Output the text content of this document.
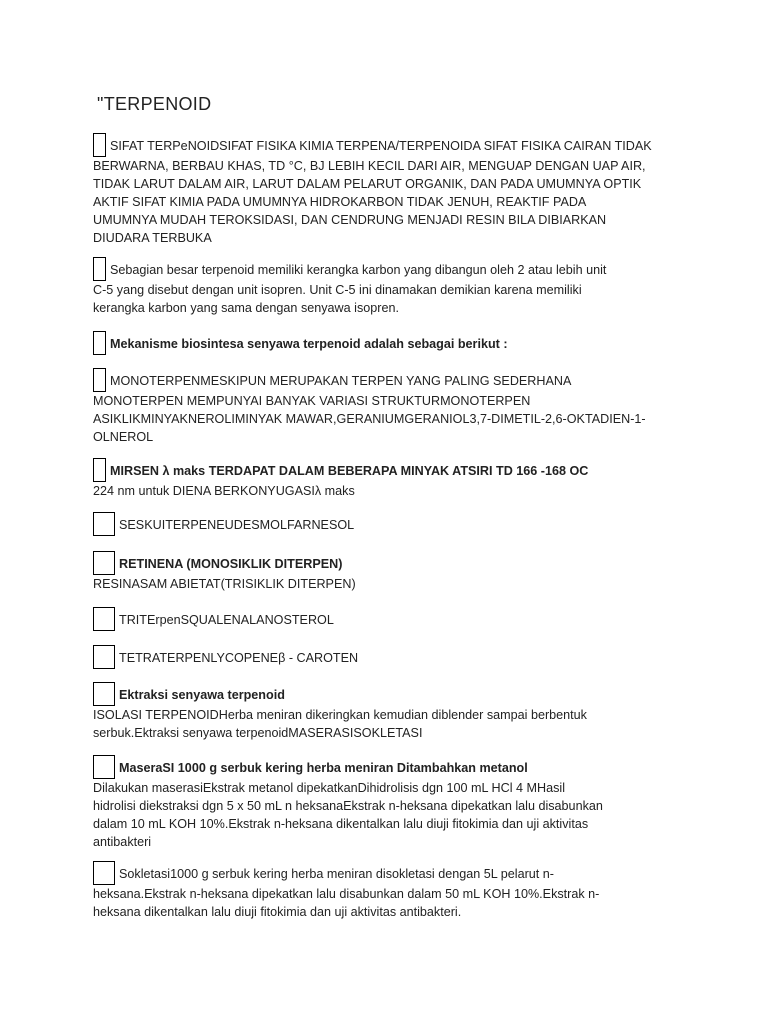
"TERPENOID
SIFAT TERPeNOIDSIFAT FISIKA KIMIA TERPENA/TERPENOIDA SIFAT FISIKA CAIRAN TIDAK
BERWARNA, BERBAU KHAS, TD °C, BJ LEBIH KECIL DARI AIR, MENGUAP DENGAN UAP AIR,
TIDAK LARUT DALAM AIR, LARUT DALAM PELARUT ORGANIK, DAN PADA UMUMNYA OPTIK
AKTIF SIFAT KIMIA PADA UMUMNYA HIDROKARBON TIDAK JENUH, REAKTIF PADA
UMUMNYA MUDAH TEROKSIDASI, DAN CENDRUNG MENJADI RESIN BILA DIBIARKAN
DIUDARA TERBUKA
Sebagian besar terpenoid memiliki kerangka karbon yang dibangun oleh 2 atau lebih unit
C-5 yang disebut dengan unit isopren. Unit C-5 ini dinamakan demikian karena memiliki
kerangka karbon yang sama dengan senyawa isopren.
Mekanisme biosintesa senyawa terpenoid adalah sebagai berikut :
MONOTERPENMESKIPUN MERUPAKAN TERPEN YANG PALING SEDERHANA
MONOTERPEN MEMPUNYAI BANYAK VARIASI STRUKTURMONOTERPEN
ASIKLIKMINYAKNEROLIMINYAK MAWAR,GERANIUMGERANIOL3,7-DIMETIL-2,6-OKTADIEN-1-
OLNEROL
MIRSEN λ maks TERDAPAT DALAM BEBERAPA MINYAK ATSIRI TD 166 -168 OC
224 nm untuk DIENA BERKONYUGASIλ maks
SESKUITERPENEUDESMOLFARNESOL
RETINENA (MONOSIKLIK DITERPEN)
RESINASAM ABIETAT(TRISIKLIK DITERPEN)
TRITErpenSQUALENALANOSTEROL
TETRATERPENLYCOPENEβ - CAROTEN
Ektraksi senyawa terpenoid
ISOLASI TERPENOIDHerba meniran dikeringkan kemudian diblender sampai berbentuk
serbuk.Ektraksi senyawa terpenoidMASERASISOKLETASI
MaseraSI 1000 g serbuk kering herba meniran Ditambahkan metanol
Dilakukan maserasiEkstrak metanol dipekatkanDihidrolisis dgn 100 mL HCl 4 MHasil
hidrolisi diekstraksi dgn 5 x 50 mL n heksanaEkstrak n-heksana dipekatkan lalu disabunkan
dalam 10 mL KOH 10%.Ekstrak n-heksana dikentalkan lalu diuji fitokimia dan uji aktivitas
antibakteri
Sokletasi1000 g serbuk kering herba meniran disokletasi dengan 5L pelarut n-
heksana.Ekstrak n-heksana dipekatkan lalu disabunkan dalam 50 mL KOH 10%.Ekstrak n-
heksana dikentalkan lalu diuji fitokimia dan uji aktivitas antibakteri.
